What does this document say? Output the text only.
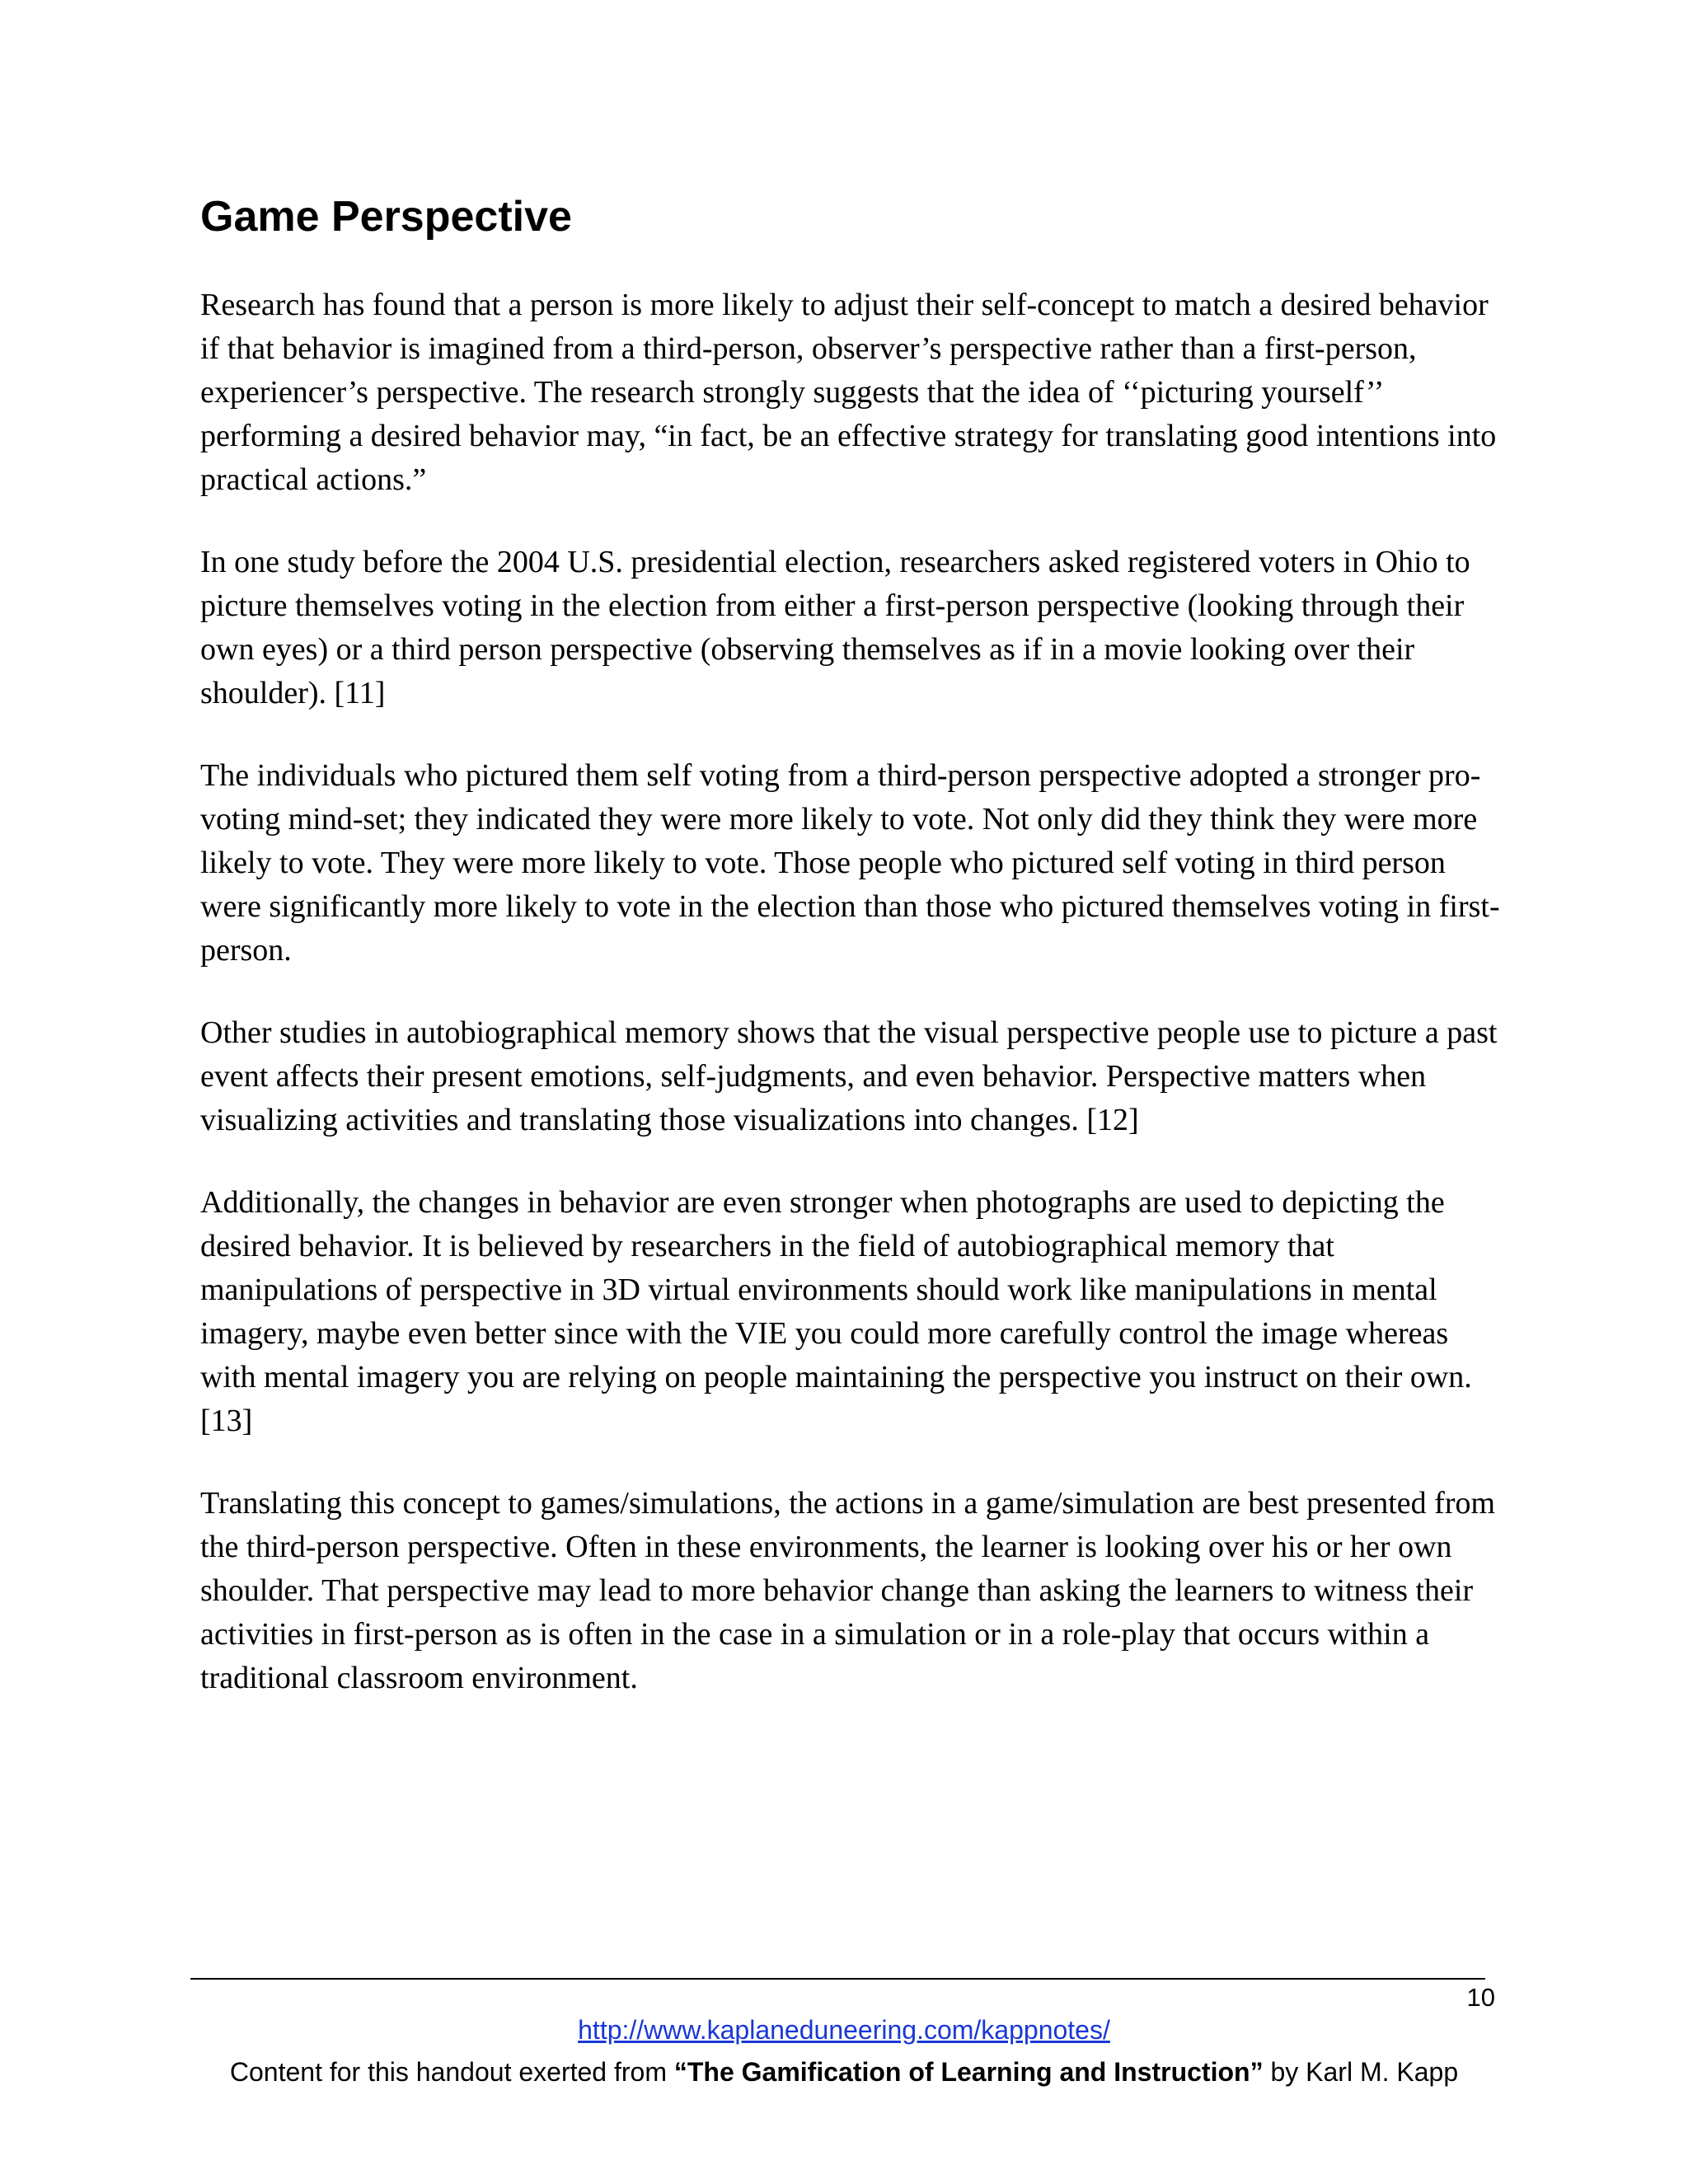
Game Perspective

Research has found that a person is more likely to adjust their self-concept to match a desired behavior if that behavior is imagined from a third-person, observer’s perspective rather than a first-person, experiencer’s perspective. The research strongly suggests that the idea of ‘‘picturing yourself’’ performing a desired behavior may, “in fact, be an effective strategy for translating good intentions into practical actions.”

In one study before the 2004 U.S. presidential election, researchers asked registered voters in Ohio to picture themselves voting in the election from either a first-person perspective (looking through their own eyes) or a third person perspective (observing themselves as if in a movie looking over their shoulder). [11]

The individuals who pictured them self voting from a third-person perspective adopted a stronger pro-voting mind-set; they indicated they were more likely to vote. Not only did they think they were more likely to vote. They were more likely to vote. Those people who pictured self voting in third person were significantly more likely to vote in the election than those who pictured themselves voting in first-person.

Other studies in autobiographical memory shows that the visual perspective people use to picture a past event affects their present emotions, self-judgments, and even behavior. Perspective matters when visualizing activities and translating those visualizations into changes. [12]

Additionally, the changes in behavior are even stronger when photographs are used to depicting the desired behavior. It is believed by researchers in the field of autobiographical memory that manipulations of perspective in 3D virtual environments should work like manipulations in mental imagery, maybe even better since with the VIE you could more carefully control the image whereas with mental imagery you are relying on people maintaining the perspective you instruct on their own.[13]

Translating this concept to games/simulations, the actions in a game/simulation are best presented from the third-person perspective. Often in these environments, the learner is looking over his or her own shoulder. That perspective may lead to more behavior change than asking the learners to witness their activities in first-person as is often in the case in a simulation or in a role-play that occurs within a traditional classroom environment.

10
http://www.kaplaneduneering.com/kappnotes/
Content for this handout exerted from “The Gamification of Learning and Instruction” by Karl M. Kapp
